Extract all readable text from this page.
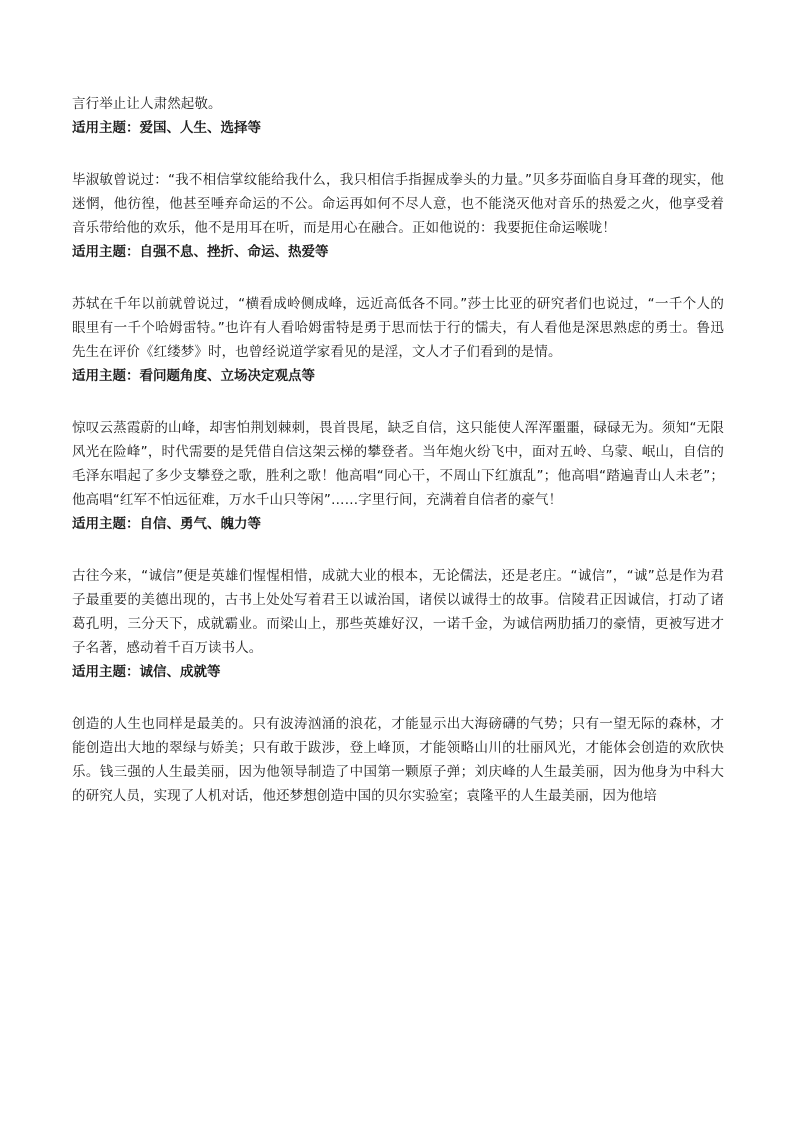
言行举止让人肃然起敬。

适用主题：爱国、人生、选择等

毕淑敏曾说过：“我不相信掌纹能给我什么，我只相信手指握成拳头的力量。”贝多芬面临自身耳聋的现实，他迷惘，他彷徨，他甚至唾弃命运的不公。命运再如何不尽人意，也不能浇灭他对音乐的热爱之火，他享受着音乐带给他的欢乐，他不是用耳在听，而是用心在融合。正如他说的：我要扼住命运喉咙！

适用主题：自强不息、挫折、命运、热爱等

苏轼在千年以前就曾说过，“横看成岭侧成峰，远近高低各不同。”莎士比亚的研究者们也说过，“一千个人的眼里有一千个哈姆雷特。”也许有人看哈姆雷特是勇于思而怯于行的懦夫，有人看他是深思熟虑的勇士。鲁迅先生在评价《红缕梦》时，也曾经说道学家看见的是淫，文人才子们看到的是情。

适用主题：看问题角度、立场决定观点等

惊叹云蒸霞蔚的山峰，却害怕荆划棘刺，畏首畏尾，缺乏自信，这只能使人浑浑噩噩，碌碌无为。须知“无限风光在险峰”，时代需要的是凭借自信这架云梯的攀登者。当年炮火纷飞中，面对五岭、乌蒙、岷山，自信的毛泽东唱起了多少支攀登之歌，胜利之歌！他高唱“同心干，不周山下红旗乱”；他高唱“踏遍青山人未老”；他高唱“红军不怕远征难，万水千山只等闲”……字里行间，充满着自信者的豪气！

适用主题：自信、勇气、魄力等

古往今来，“诚信”便是英雄们惺惺相惜，成就大业的根本，无论儒法，还是老庄。“诚信”，“诚”总是作为君子最重要的美德出现的，古书上处处写着君王以诚治国，诸侯以诚得士的故事。信陵君正因诚信，打动了诸葛孔明，三分天下，成就霸业。而梁山上，那些英雄好汉，一诺千金，为诚信两肋插刀的豪情，更被写进才子名著，感动着千百万读书人。

适用主题：诚信、成就等

创造的人生也同样是最美的。只有波涛汹涌的浪花，才能显示出大海磅礴的气势；只有一望无际的森林，才能创造出大地的翠绿与娇美；只有敢于跋涉，登上峰顶，才能领略山川的壮丽风光，才能体会创造的欢欣快乐。钱三强的人生最美丽，因为他领导制造了中国第一颗原子弹；刘庆峰的人生最美丽，因为他身为中科大的研究人员，实现了人机对话，他还梦想创造中国的贝尔实验室；袁隆平的人生最美丽，因为他培
